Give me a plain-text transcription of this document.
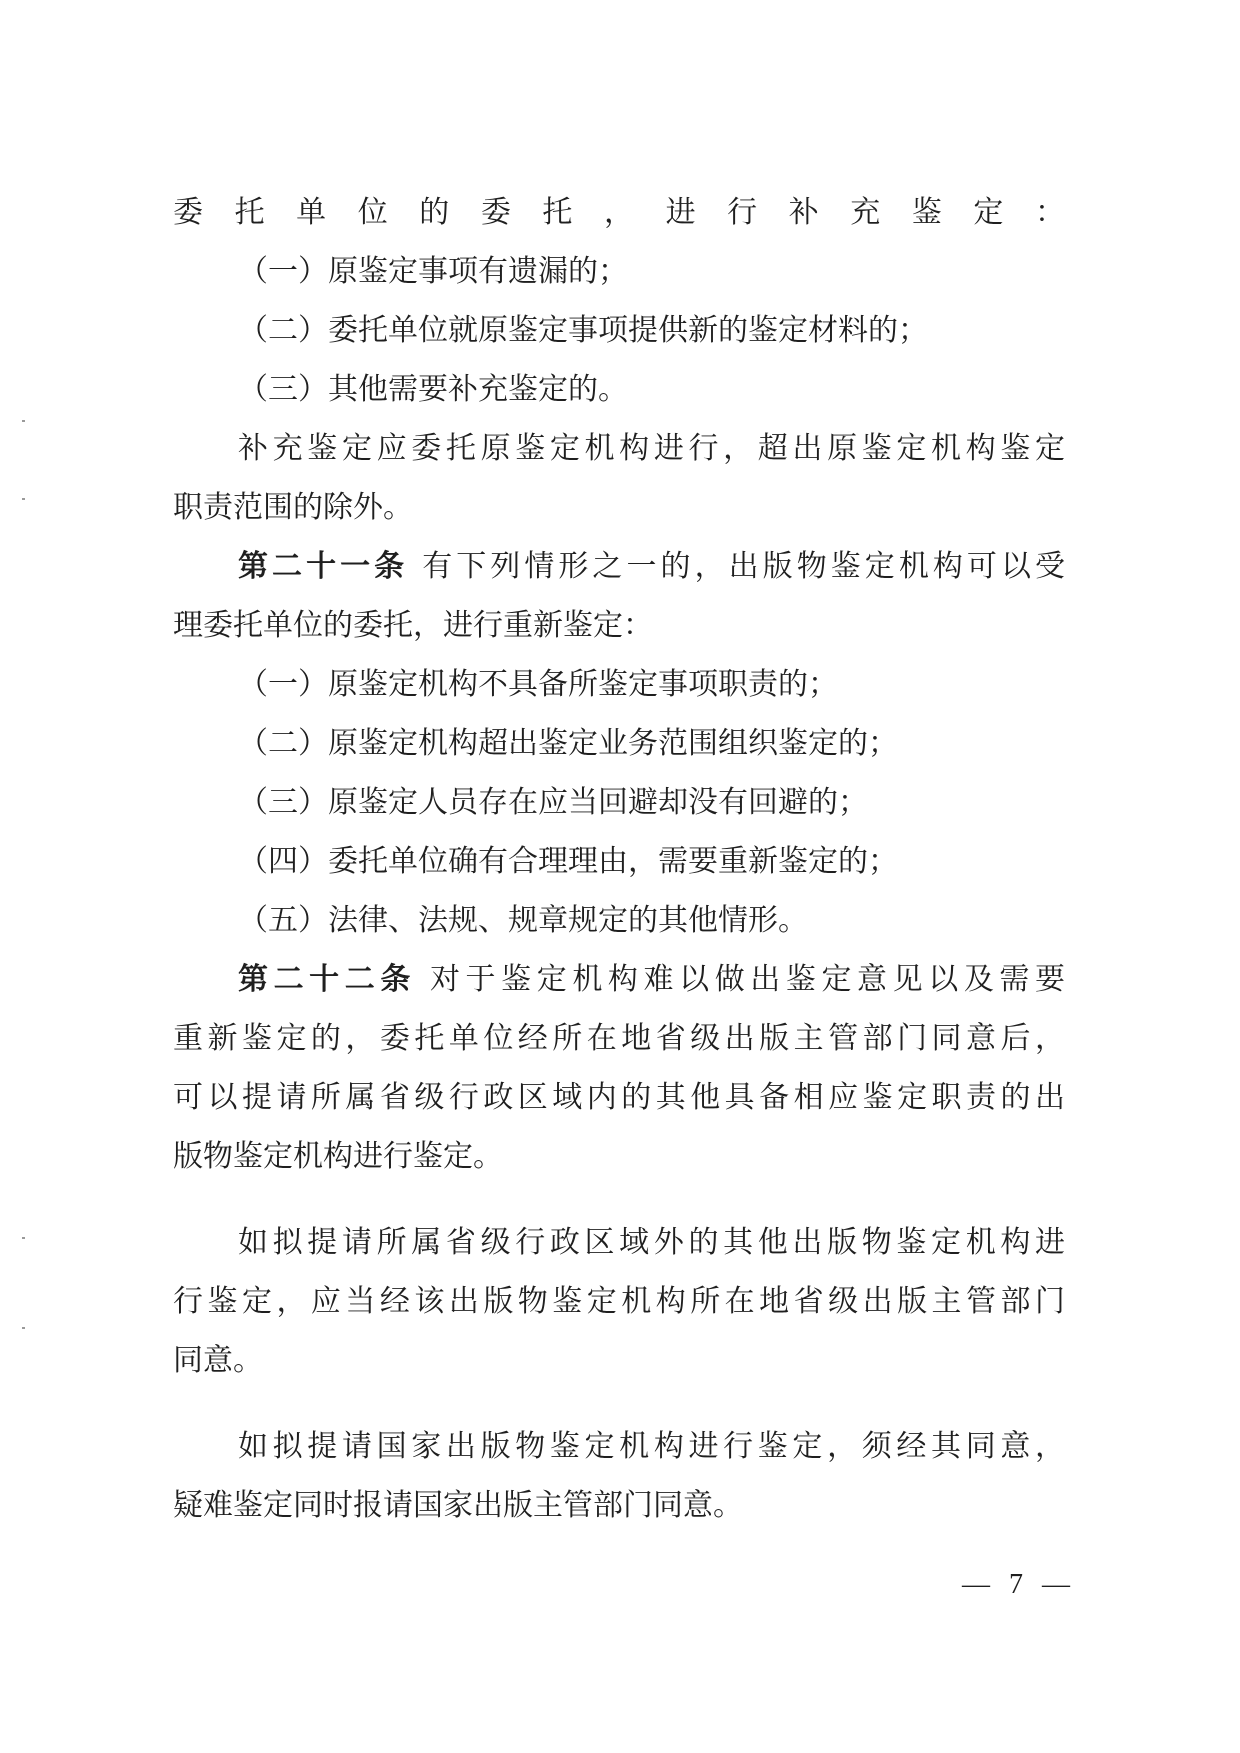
委托单位的委托，进行补充鉴定：
（一）原鉴定事项有遗漏的；
（二）委托单位就原鉴定事项提供新的鉴定材料的；
（三）其他需要补充鉴定的。
补充鉴定应委托原鉴定机构进行，超出原鉴定机构鉴定
职责范围的除外。
第二十一条 有下列情形之一的，出版物鉴定机构可以受
理委托单位的委托，进行重新鉴定：
（一）原鉴定机构不具备所鉴定事项职责的；
（二）原鉴定机构超出鉴定业务范围组织鉴定的；
（三）原鉴定人员存在应当回避却没有回避的；
（四）委托单位确有合理理由，需要重新鉴定的；
（五）法律、法规、规章规定的其他情形。
第二十二条 对于鉴定机构难以做出鉴定意见以及需要
重新鉴定的，委托单位经所在地省级出版主管部门同意后，
可以提请所属省级行政区域内的其他具备相应鉴定职责的出
版物鉴定机构进行鉴定。
如拟提请所属省级行政区域外的其他出版物鉴定机构进
行鉴定，应当经该出版物鉴定机构所在地省级出版主管部门
同意。
如拟提请国家出版物鉴定机构进行鉴定，须经其同意，
疑难鉴定同时报请国家出版主管部门同意。
— 7 —
